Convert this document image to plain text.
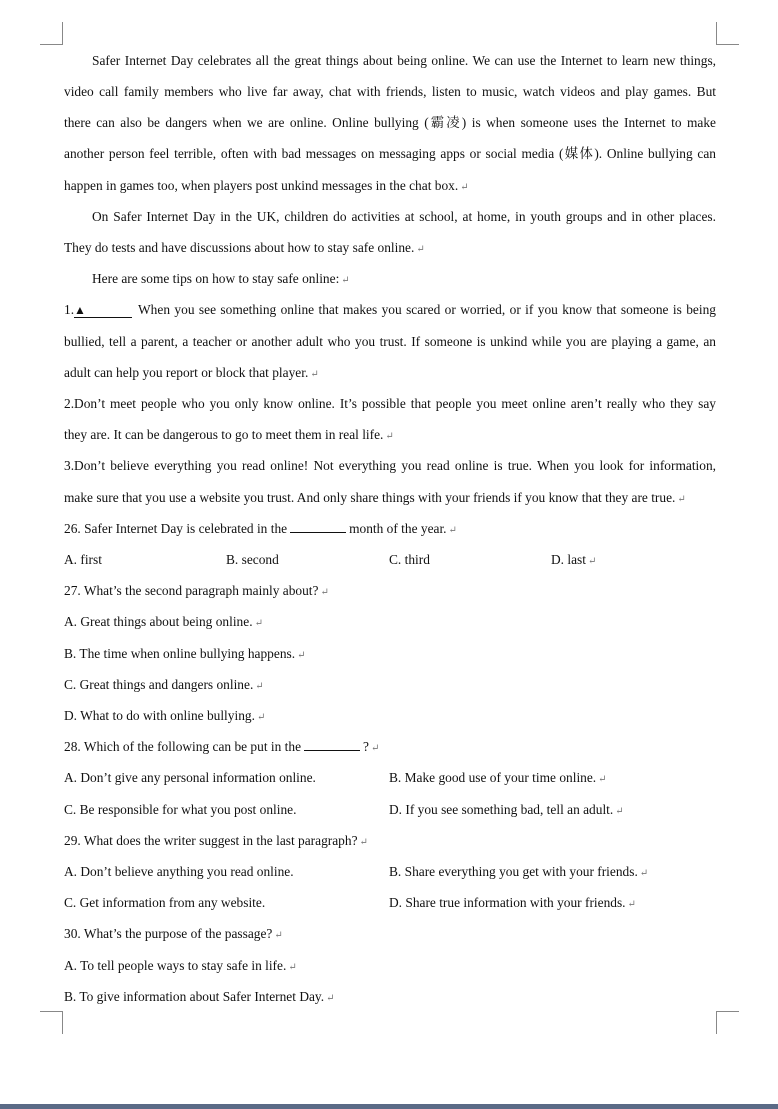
Safer Internet Day celebrates all the great things about being online. We can use the Internet to learn new things,
video call family members who live far away, chat with friends, listen to music, watch videos and play games. But
there can also be dangers when we are online. Online bullying (霸凌) is when someone uses the Internet to make
another person feel terrible, often with bad messages on messaging apps or social media (媒体). Online bullying can
happen in games too, when players post unkind messages in the chat box. ↵
On Safer Internet Day in the UK, children do activities at school, at home, in youth groups and in other places.
They do tests and have discussions about how to stay safe online. ↵
Here are some tips on how to stay safe online: ↵
1.▲	When you see something online that makes you scared or worried, or if you know that someone is being
bullied, tell a parent, a teacher or another adult who you trust. If someone is unkind while you are playing a game, an
adult can help you report or block that player. ↵
2.Don’t meet people who you only know online. It’s possible that people you meet online aren’t really who they say
they are. It can be dangerous to go to meet them in real life. ↵
3.Don’t believe everything you read online! Not everything you read online is true. When you look for information,
make sure that you use a website you trust. And only share things with your friends if you know that they are true. ↵
26. Safer Internet Day is celebrated in the	month of the year. ↵
A. first	B. second	C. third	D. last ↵
27. What’s the second paragraph mainly about? ↵
A. Great things about being online. ↵
B. The time when online bullying happens. ↵
C. Great things and dangers online. ↵
D. What to do with online bullying. ↵
28. Which of the following can be put in the	? ↵
A. Don’t give any personal information online.	B. Make good use of your time online. ↵
C. Be responsible for what you post online.	D. If you see something bad, tell an adult. ↵
29. What does the writer suggest in the last paragraph? ↵
A. Don’t believe anything you read online.	B. Share everything you get with your friends. ↵
C. Get information from any website.	D. Share true information with your friends. ↵
30. What’s the purpose of the passage? ↵
A. To tell people ways to stay safe in life. ↵
B. To give information about Safer Internet Day. ↵
